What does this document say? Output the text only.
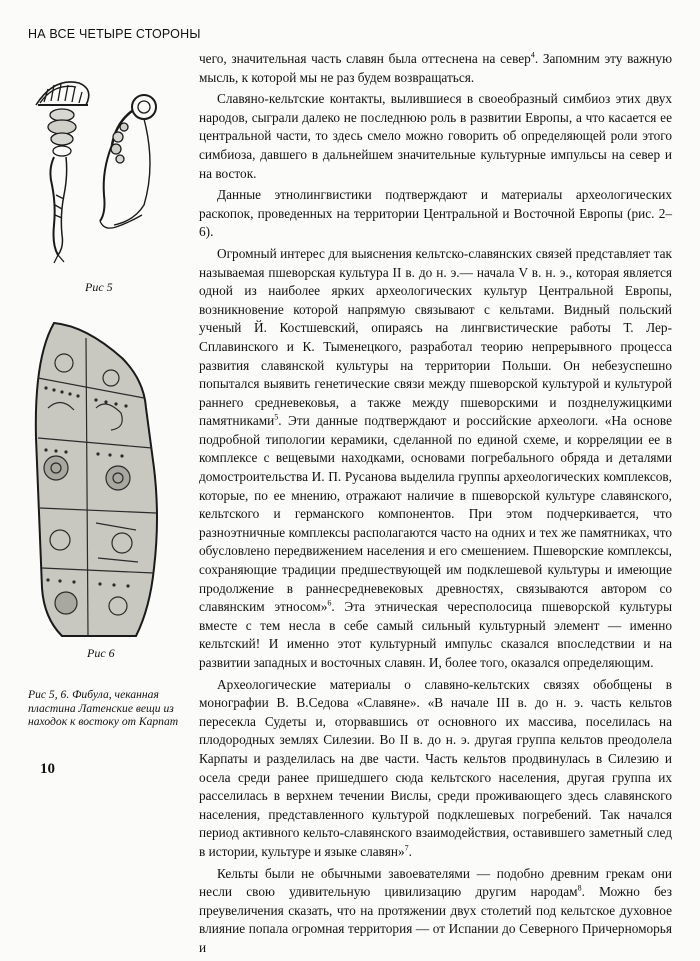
НА ВСЕ ЧЕТЫРЕ СТОРОНЫ
Рис 5
Рис 6
Рис 5, 6. Фибула, чеканная пластина Латенские вещи из находок к востоку от Карпат
10

чего, значительная часть славян была оттеснена на север$^4$. Запомним эту важную мысль, к которой мы не раз будем возвращаться.

Славяно-кельтские контакты, вылившиеся в своеобразный симбиоз этих двух народов, сыграли далеко не последнюю роль в развитии Европы, а что касается ее центральной части, то здесь смело можно говорить об определяющей роли этого симбиоза, давшего в дальнейшем значительные культурные импульсы на север и на восток.

Данные этнолингвистики подтверждают и материалы археологических раскопок, проведенных на территории Центральной и Восточной Европы (рис. 2–6).

Огромный интерес для выяснения кельтско-славянских связей представляет так называемая пшеворская культура II в. до н. э.— начала V в. н. э., которая является одной из наиболее ярких археологических культур Центральной Европы, возникновение которой напрямую связывают с кельтами. Видный польский ученый Й. Костшевский, опираясь на лингвистические работы Т. Лер-Сплавинского и К. Тыменецкого, разработал теорию непрерывного процесса развития славянской культуры на территории Польши. Он небезуспешно попытался выявить генетические связи между пшеворской культурой и культурой раннего средневековья, а также между пшеворскими и позднелужицкими памятниками$^5$. Эти данные подтверждают и российские археологи. «На основе подробной типологии керамики, сделанной по единой схеме, и корреляции ее в комплексе с вещевыми находками, основами погребального обряда и деталями домостроительства И. П. Русанова выделила группы археологических комплексов, которые, по ее мнению, отражают наличие в пшеворской культуре славянского, кельтского и германского компонентов. При этом подчеркивается, что разноэтничные комплексы располагаются часто на одних и тех же памятниках, что обусловлено передвижением населения и его смешением. Пшеворские комплексы, сохраняющие традиции предшествующей им подклешевой культуры и имеющие продолжение в раннесредневековых древностях, связываются автором со славянским этносом»$^6$. Эта этническая чересполосица пшеворской культуры вместе с тем несла в себе самый сильный культурный элемент — именно кельтский! И именно этот культурный импульс сказался впоследствии и на развитии западных и восточных славян. И, более того, оказался определяющим.

Археологические материалы о славяно-кельтских связях обобщены в монографии В. В.Седова «Славяне». «В начале III в. до н. э. часть кельтов пересекла Судеты и, оторвавшись от основного их массива, поселилась на плодородных землях Силезии. Во II в. до н. э. другая группа кельтов преодолела Карпаты и разделилась на две части. Часть кельтов продвинулась в Силезию и осела среди ранее пришедшего сюда кельтского населения, другая группа их расселилась в верхнем течении Вислы, среди проживающего здесь славянского населения, представленного культурой подклешевых погребений. Так начался период активного кельто-славянского взаимодействия, оставившего заметный след в истории, культуре и языке славян»$^7$.

Кельты были не обычными завоевателями — подобно древним грекам они несли свою удивительную цивилизацию другим народам$^8$. Можно без преувеличения сказать, что на протяжении двух столетий под кельтское духовное влияние попала огромная территория — от Испании до Северного Причерноморья и
